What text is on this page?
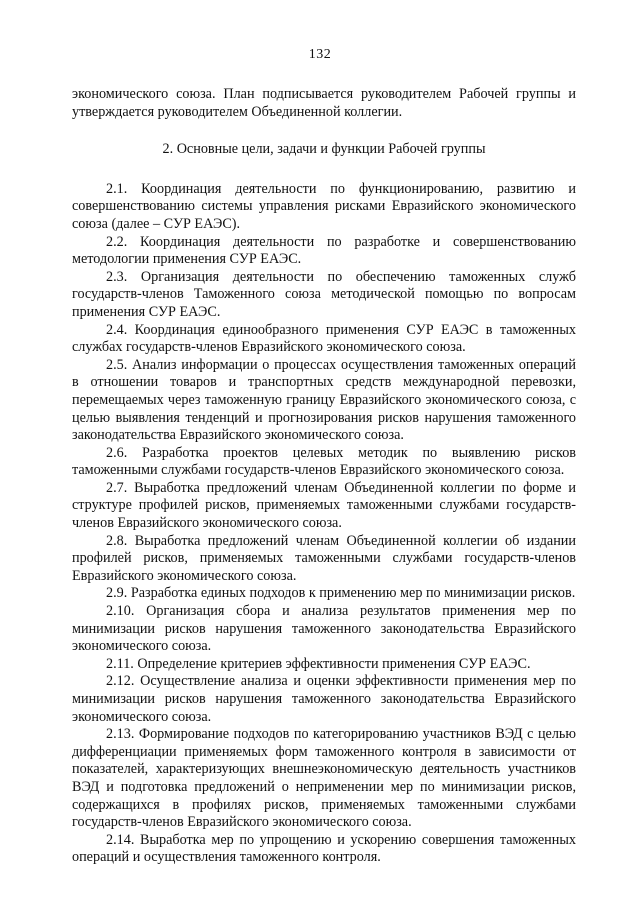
132

экономического союза. План подписывается руководителем Рабочей группы и утверждается руководителем Объединенной коллегии.

2. Основные цели, задачи и функции Рабочей группы

2.1. Координация деятельности по функционированию, развитию и совершенствованию системы управления рисками Евразийского экономического союза (далее – СУР ЕАЭС).

2.2. Координация деятельности по разработке и совершенствованию методологии применения СУР ЕАЭС.

2.3. Организация деятельности по обеспечению таможенных служб государств-членов Таможенного союза методической помощью по вопросам применения СУР ЕАЭС.

2.4. Координация единообразного применения СУР ЕАЭС в таможенных службах государств-членов Евразийского экономического союза.

2.5. Анализ информации о процессах осуществления таможенных операций в отношении товаров и транспортных средств международной перевозки, перемещаемых через таможенную границу Евразийского экономического союза, с целью выявления тенденций и прогнозирования рисков нарушения таможенного законодательства Евразийского экономического союза.

2.6. Разработка проектов целевых методик по выявлению рисков таможенными службами государств-членов Евразийского экономического союза.

2.7. Выработка предложений членам Объединенной коллегии по форме и структуре профилей рисков, применяемых таможенными службами государств-членов Евразийского экономического союза.

2.8. Выработка предложений членам Объединенной коллегии об издании профилей рисков, применяемых таможенными службами государств-членов Евразийского экономического союза.

2.9. Разработка единых подходов к применению мер по минимизации рисков.

2.10. Организация сбора и анализа результатов применения мер по минимизации рисков нарушения таможенного законодательства Евразийского экономического союза.

2.11. Определение критериев эффективности применения СУР ЕАЭС.

2.12. Осуществление анализа и оценки эффективности применения мер по минимизации рисков нарушения таможенного законодательства Евразийского экономического союза.

2.13. Формирование подходов по категорированию участников ВЭД с целью дифференциации применяемых форм таможенного контроля в зависимости от показателей, характеризующих внешнеэкономическую деятельность участников ВЭД и подготовка предложений о неприменении мер по минимизации рисков, содержащихся в профилях рисков, применяемых таможенными службами государств-членов Евразийского экономического союза.

2.14. Выработка мер по упрощению и ускорению совершения таможенных операций и осуществления таможенного контроля.
